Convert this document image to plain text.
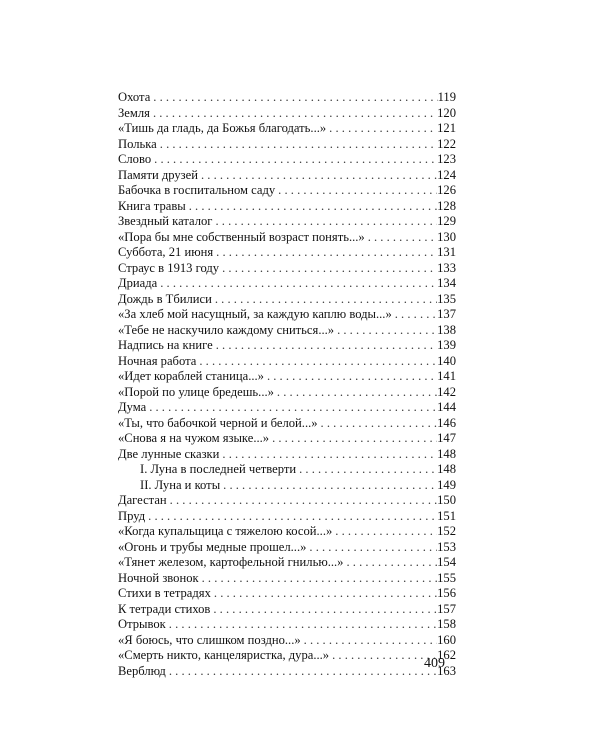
Охота . . .	119
Земля . . .	120
«Тишь да гладь, да Божья благодать...» . . .	121
Полька . . .	122
Слово . . .	123
Памяти друзей . . .	124
Бабочка в госпитальном саду . . .	126
Книга травы . . .	128
Звездный каталог . . .	129
«Пора бы мне собственный возраст понять...» . . .	130
Суббота, 21 июня . . .	131
Страус в 1913 году . . .	133
Дриада . . .	134
Дождь в Тбилиси . . .	135
«За хлеб мой насущный, за каждую каплю воды...» . . .	137
«Тебе не наскучило каждому сниться...» . . .	138
Надпись на книге . . .	139
Ночная работа . . .	140
«Идет кораблей станица...» . . .	141
«Порой по улице бредешь...» . . .	142
Дума . . .	144
«Ты, что бабочкой черной и белой...» . . .	146
«Снова я на чужом языке...» . . .	147
Две лунные сказки . . .	148
I. Луна в последней четверти . . .	148
II. Луна и коты . . .	149
Дагестан . . .	150
Пруд . . .	151
«Когда купальщица с тяжелою косой...» . . .	152
«Огонь и трубы медные прошел...» . . .	153
«Тянет железом, картофельной гнилью...» . . .	154
Ночной звонок . . .	155
Стихи в тетрадях . . .	156
К тетради стихов . . .	157
Отрывок . . .	158
«Я боюсь, что слишком поздно...» . . .	160
«Смерть никто, канцеляристка, дура...» . . .	162
Верблюд . . .	163
409
